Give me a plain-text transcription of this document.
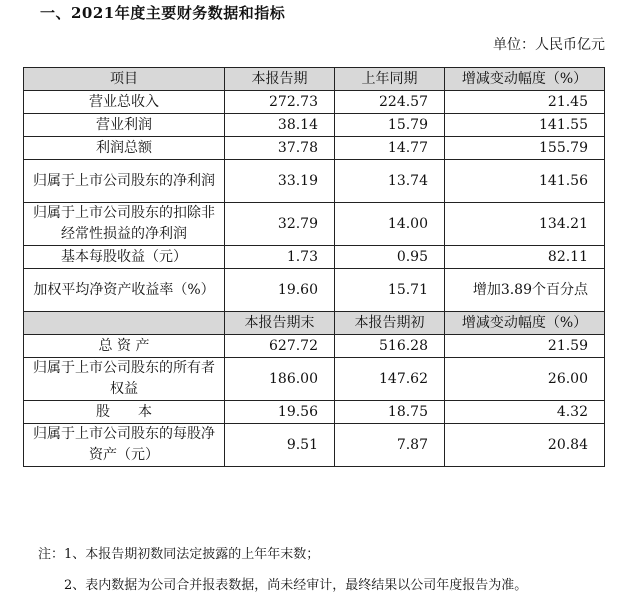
一、2021年度主要财务数据和指标
单位：人民币亿元
项目	本报告期	上年同期	增减变动幅度（%）
营业总收入	272.73	224.57	21.45
营业利润	38.14	15.79	141.55
利润总额	37.78	14.77	155.79
归属于上市公司股东的净利润	33.19	13.74	141.56
归属于上市公司股东的扣除非经常性损益的净利润	32.79	14.00	134.21
基本每股收益（元）	1.73	0.95	82.11
加权平均净资产收益率（%）	19.60	15.71	增加3.89个百分点
	本报告期末	本报告期初	增减变动幅度（%）
总 资 产	627.72	516.28	21.59
归属于上市公司股东的所有者权益	186.00	147.62	26.00
股　　本	19.56	18.75	4.32
归属于上市公司股东的每股净资产（元）	9.51	7.87	20.84
注：1、本报告期初数同法定披露的上年年末数；
2、表内数据为公司合并报表数据，尚未经审计，最终结果以公司年度报告为准。
